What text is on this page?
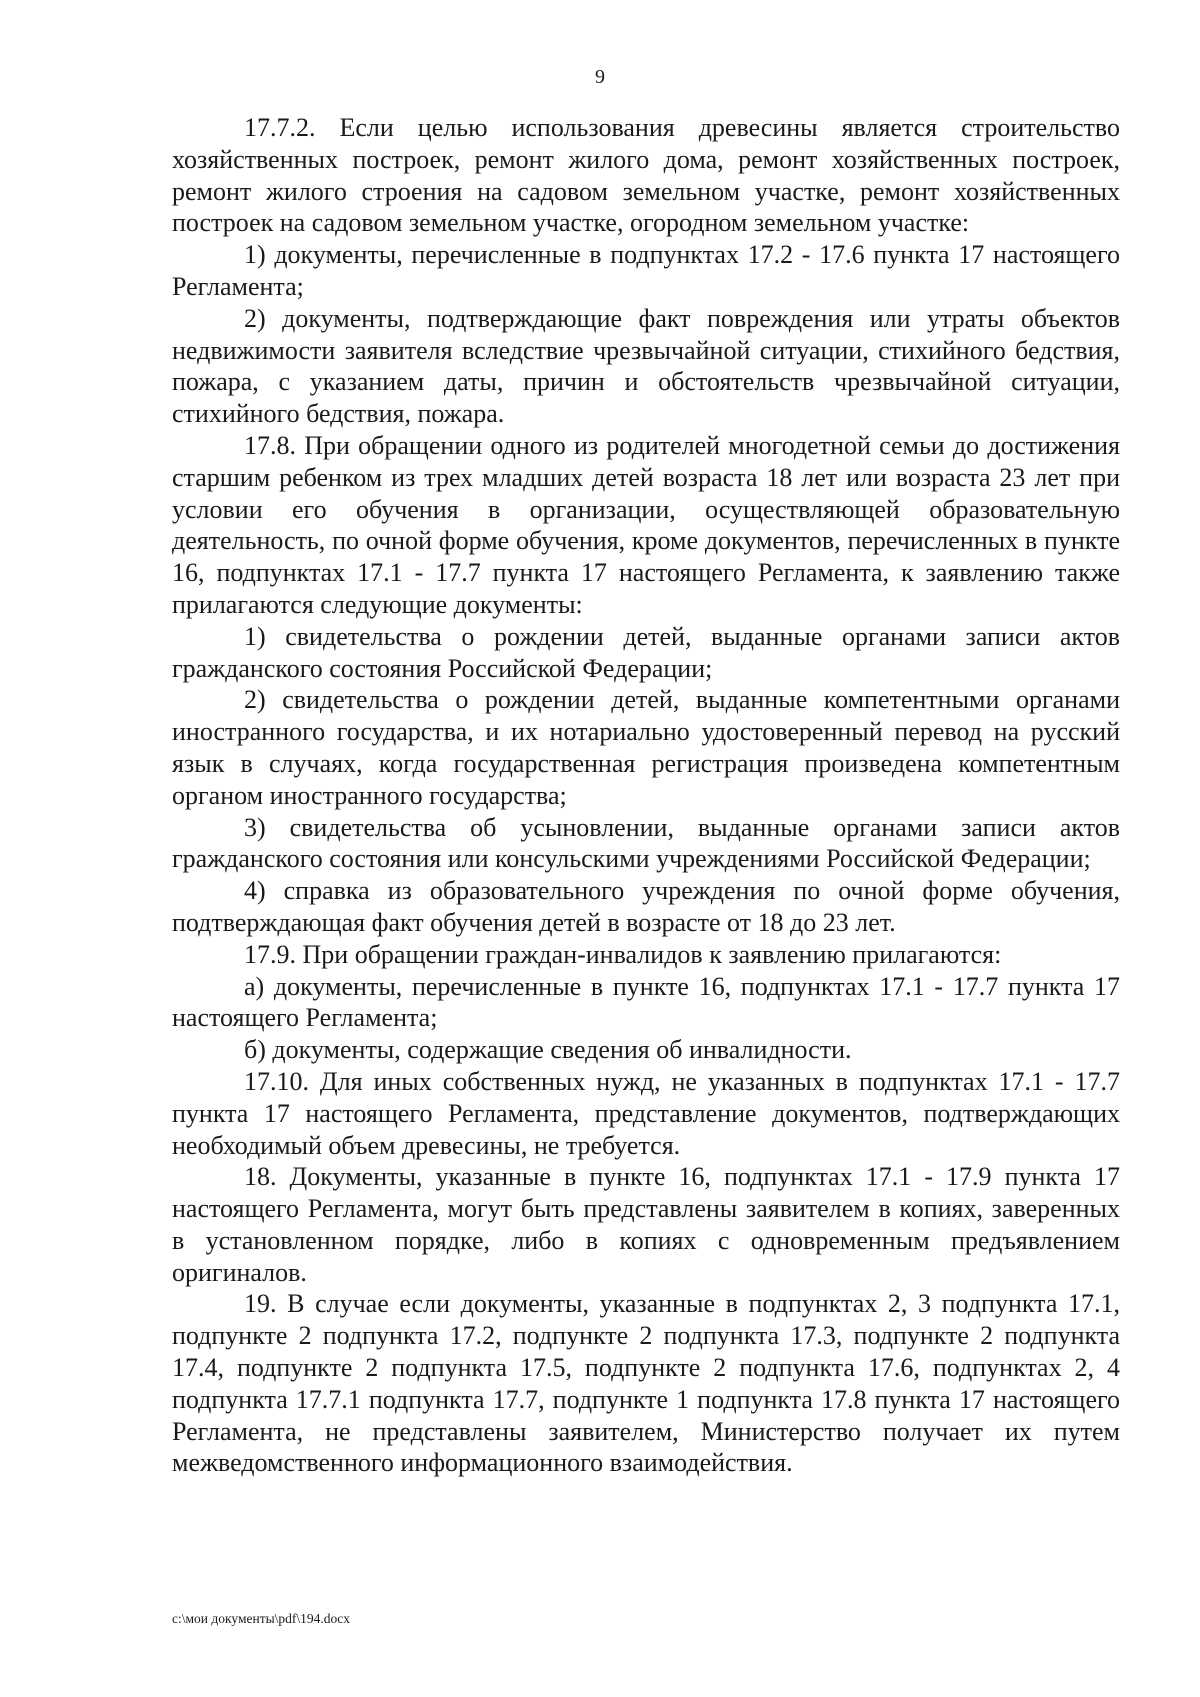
9

17.7.2. Если целью использования древесины является строительство хозяйственных построек, ремонт жилого дома, ремонт хозяйственных построек, ремонт жилого строения на садовом земельном участке, ремонт хозяйственных построек на садовом земельном участке, огородном земельном участке:

1) документы, перечисленные в подпунктах 17.2 - 17.6 пункта 17 настоящего Регламента;

2) документы, подтверждающие факт повреждения или утраты объектов недвижимости заявителя вследствие чрезвычайной ситуации, стихийного бедствия, пожара, с указанием даты, причин и обстоятельств чрезвычайной ситуации, стихийного бедствия, пожара.

17.8. При обращении одного из родителей многодетной семьи до достижения старшим ребенком из трех младших детей возраста 18 лет или возраста 23 лет при условии его обучения в организации, осуществляющей образовательную деятельность, по очной форме обучения, кроме документов, перечисленных в пункте 16, подпунктах 17.1 - 17.7 пункта 17 настоящего Регламента, к заявлению также прилагаются следующие документы:

1) свидетельства о рождении детей, выданные органами записи актов гражданского состояния Российской Федерации;

2) свидетельства о рождении детей, выданные компетентными органами иностранного государства, и их нотариально удостоверенный перевод на русский язык в случаях, когда государственная регистрация произведена компетентным органом иностранного государства;

3) свидетельства об усыновлении, выданные органами записи актов гражданского состояния или консульскими учреждениями Российской Федерации;

4) справка из образовательного учреждения по очной форме обучения, подтверждающая факт обучения детей в возрасте от 18 до 23 лет.

17.9. При обращении граждан-инвалидов к заявлению прилагаются:

а) документы, перечисленные в пункте 16, подпунктах 17.1 - 17.7 пункта 17 настоящего Регламента;

б) документы, содержащие сведения об инвалидности.

17.10. Для иных собственных нужд, не указанных в подпунктах 17.1 - 17.7 пункта 17 настоящего Регламента, представление документов, подтверждающих необходимый объем древесины, не требуется.

18. Документы, указанные в пункте 16, подпунктах 17.1 - 17.9 пункта 17 настоящего Регламента, могут быть представлены заявителем в копиях, заверенных в установленном порядке, либо в копиях с одновременным предъявлением оригиналов.

19. В случае если документы, указанные в подпунктах 2, 3 подпункта 17.1, подпункте 2 подпункта 17.2, подпункте 2 подпункта 17.3, подпункте 2 подпункта 17.4, подпункте 2 подпункта 17.5, подпункте 2 подпункта 17.6, подпунктах 2, 4 подпункта 17.7.1 подпункта 17.7, подпункте 1 подпункта 17.8 пункта 17 настоящего Регламента, не представлены заявителем, Министерство получает их путем межведомственного информационного взаимодействия.

c:\мои документы\pdf\194.docx
